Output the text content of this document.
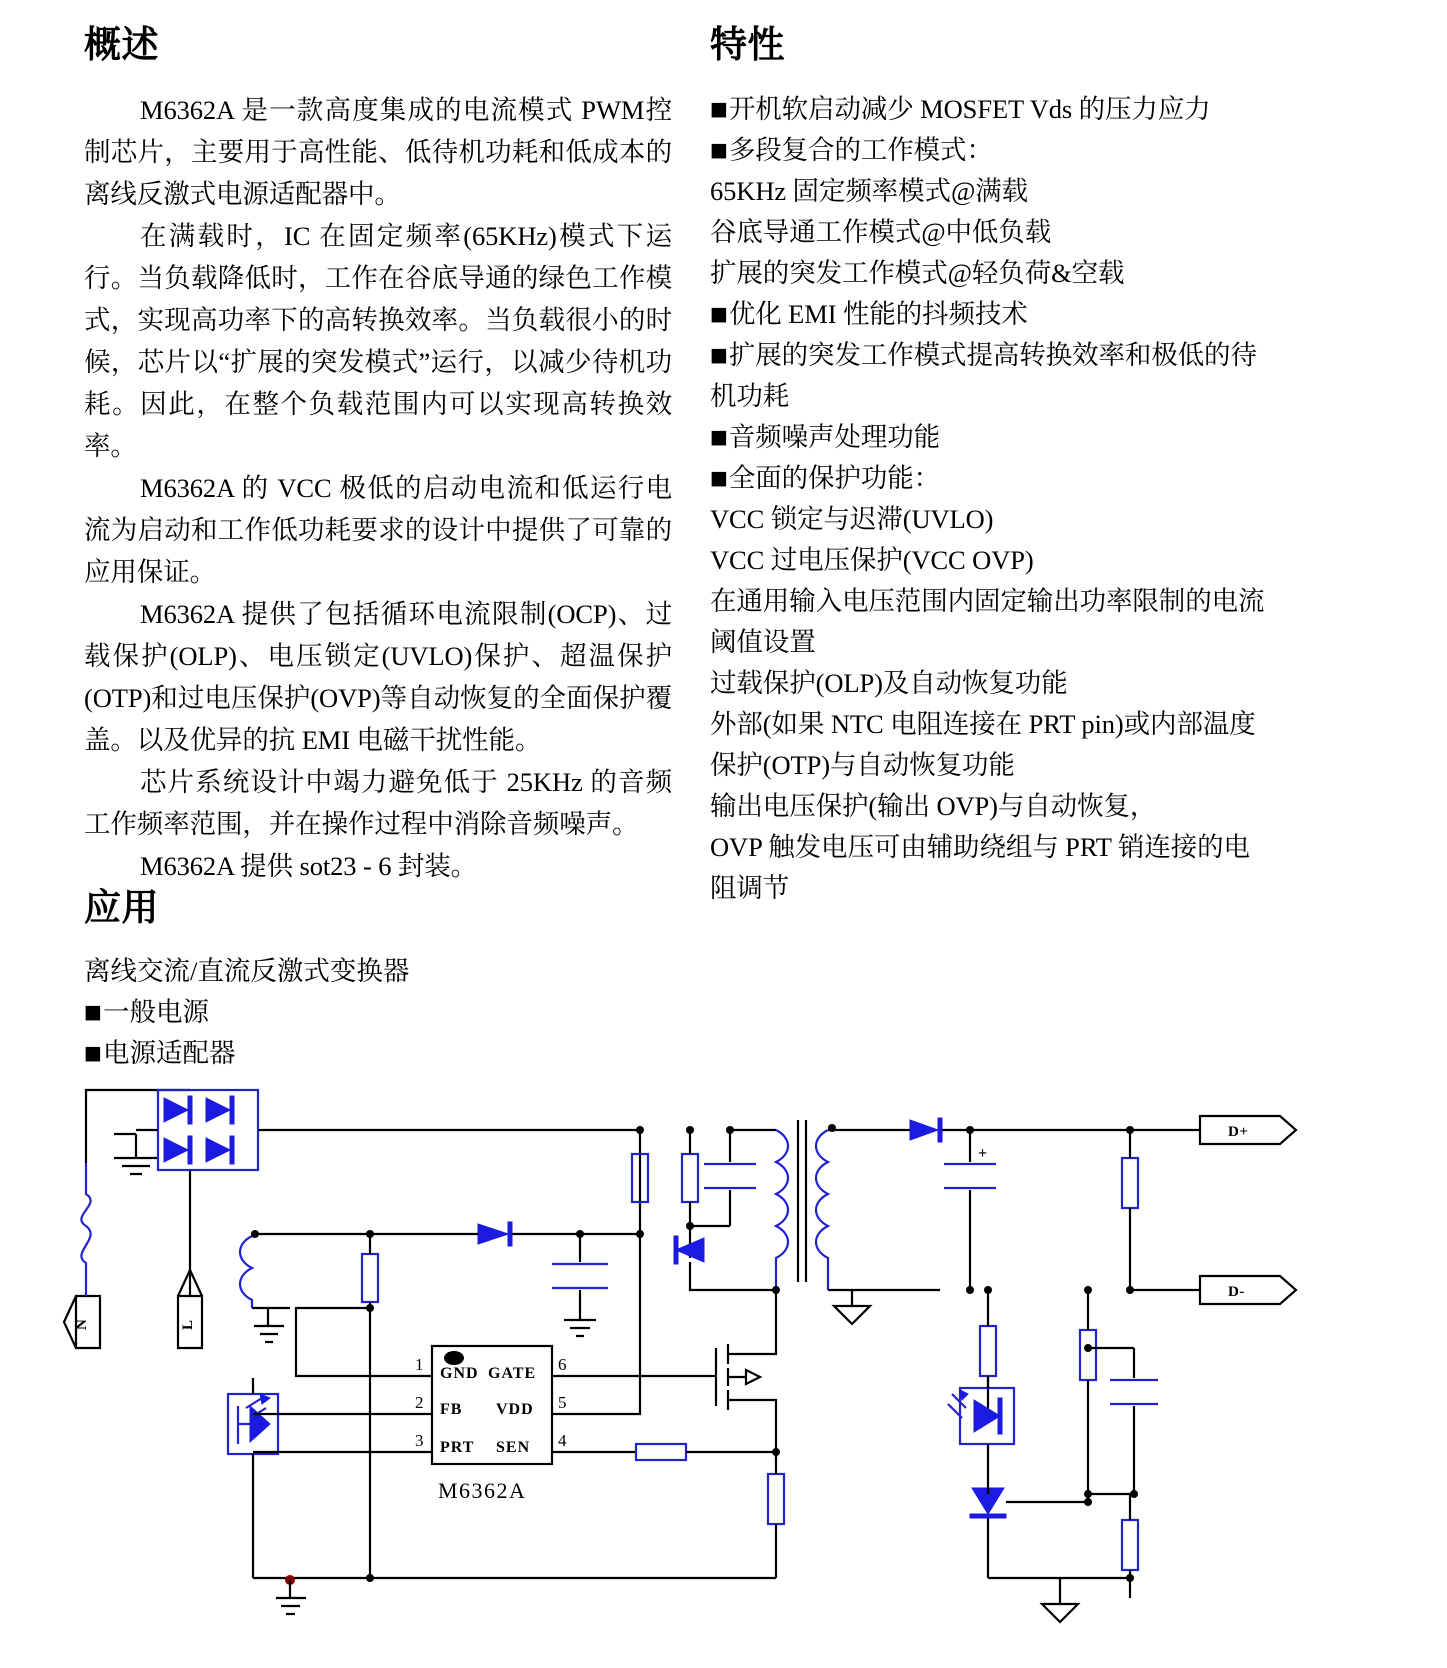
概述

M6362A 是一款高度集成的电流模式 PWM控制芯片，主要用于高性能、低待机功耗和低成本的离线反激式电源适配器中。

在满载时，IC 在固定频率(65KHz)模式下运行。当负载降低时，工作在谷底导通的绿色工作模式，实现高功率下的高转换效率。当负载很小的时候，芯片以“扩展的突发模式”运行，以减少待机功耗。因此，在整个负载范围内可以实现高转换效率。

M6362A 的 VCC 极低的启动电流和低运行电流为启动和工作低功耗要求的设计中提供了可靠的应用保证。

M6362A 提供了包括循环电流限制(OCP)、过载保护(OLP)、电压锁定(UVLO)保护、超温保护(OTP)和过电压保护(OVP)等自动恢复的全面保护覆盖。以及优异的抗 EMI 电磁干扰性能。

芯片系统设计中竭力避免低于 25KHz 的音频工作频率范围，并在操作过程中消除音频噪声。

M6362A 提供 sot23 - 6 封装。

应用

离线交流/直流反激式变换器

■一般电源

■电源适配器

特性

■开机软启动减少 MOSFET Vds 的压力应力

■多段复合的工作模式：

65KHz 固定频率模式@满载

谷底导通工作模式@中低负载

扩展的突发工作模式@轻负荷&空载

■优化 EMI 性能的抖频技术

■扩展的突发工作模式提高转换效率和极低的待机功耗

■音频噪声处理功能

■全面的保护功能：

VCC 锁定与迟滞(UVLO)

VCC 过电压保护(VCC OVP)

在通用输入电压范围内固定输出功率限制的电流阈值设置

过载保护(OLP)及自动恢复功能

外部(如果 NTC 电阻连接在 PRT pin)或内部温度保护(OTP)与自动恢复功能

输出电压保护(输出 OVP)与自动恢复，

OVP 触发电压可由辅助绕组与 PRT 销连接的电阻调节

N	L
+
D+
D-
GND
FB
PRT
GATE
VDD
SEN
1
2
3
6
5
4
M6362A
